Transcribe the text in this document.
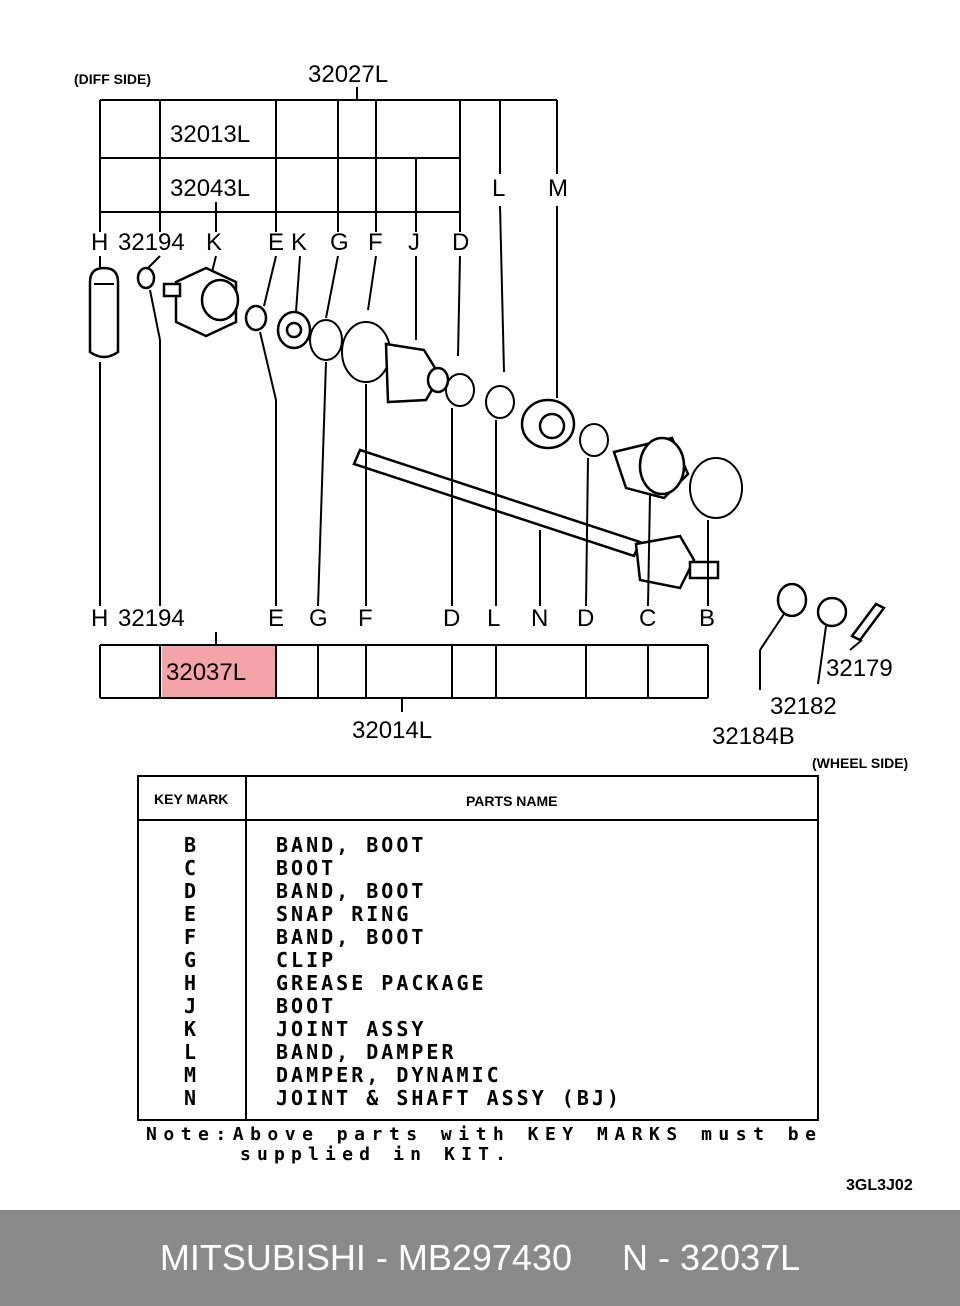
(DIFF SIDE)
(WHEEL SIDE)
32027L
32013L
32043L
H 32194 K E K G F J D
L M
H 32194	E G F	D L N D C B
32037L
32014L
32179
32182
32184B
KEY MARK	PARTS NAME
B	BAND, BOOT
C	BOOT
D	BAND, BOOT
E	SNAP RING
F	BAND, BOOT
G	CLIP
H	GREASE PACKAGE
J	BOOT
K	JOINT ASSY
L	BAND, DAMPER
M	DAMPER, DYNAMIC
N	JOINT & SHAFT ASSY (BJ)
Note:Above parts with KEY MARKS must be
supplied in KIT.
3GL3J02
MITSUBISHI - MB297430
N - 32037L
